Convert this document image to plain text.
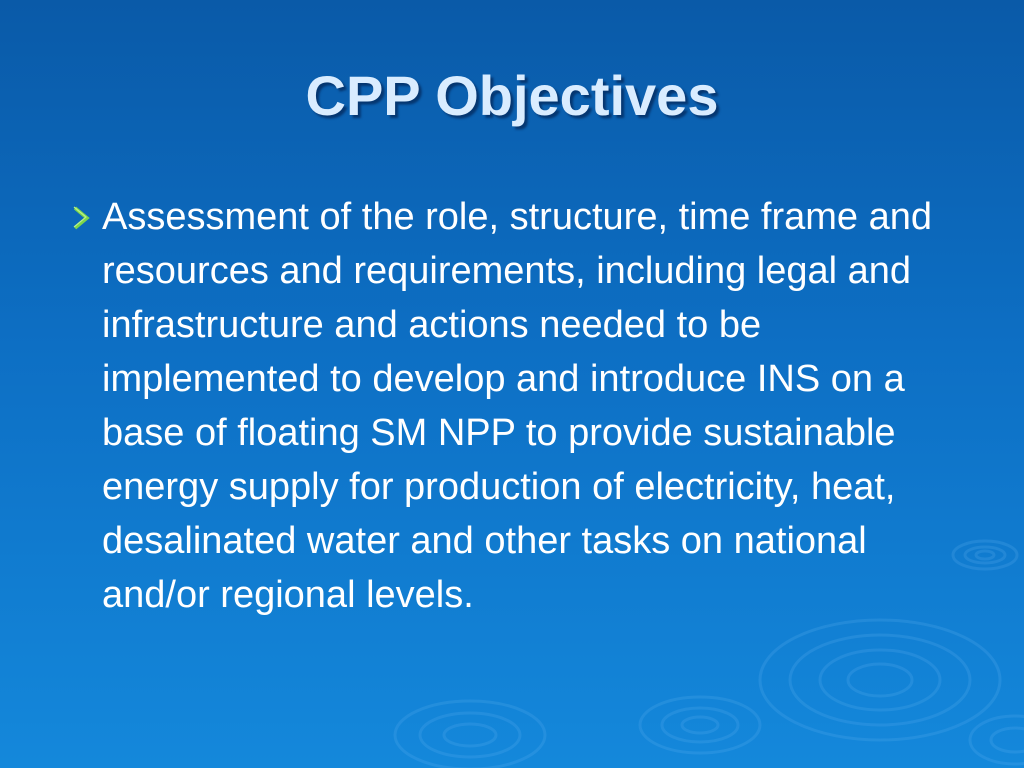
CPP Objectives
Assessment of the role, structure, time frame and resources and requirements, including legal and infrastructure and actions needed to be implemented to develop and introduce INS on a base of floating SM NPP to provide sustainable energy supply for production of electricity, heat, desalinated water and other tasks on national and/or regional levels.
